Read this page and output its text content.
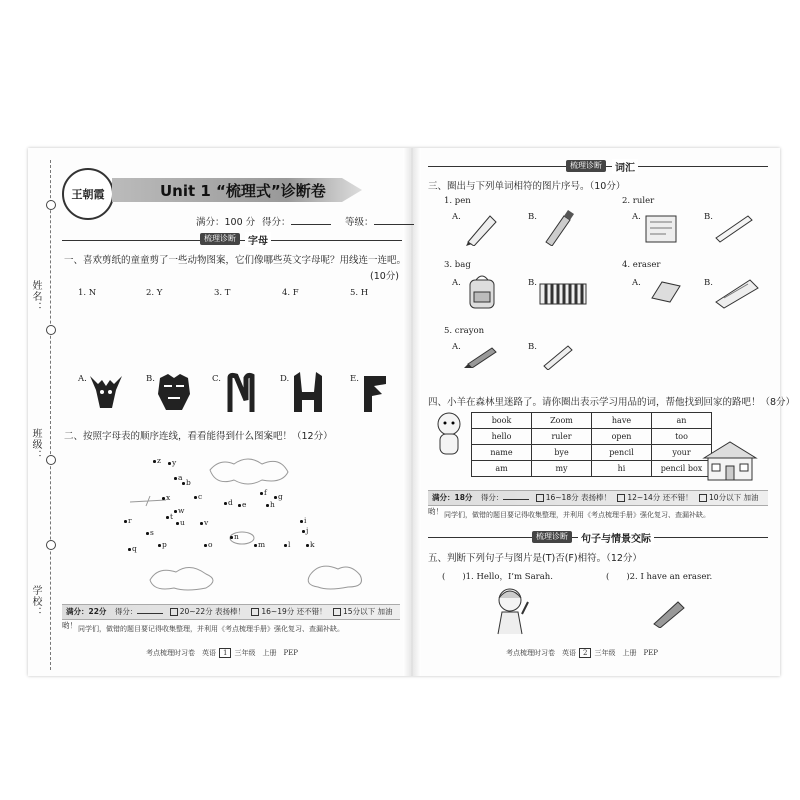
姓名：
班级：
学校：
王朝霞	Unit 1 “梳理式”诊断卷
满分：100 分 得分：	等级：
梳理诊断	字母
一、喜欢剪纸的童童剪了一些动物图案，它们像哪些英文字母呢？用线连一连吧。
(10分)
1. N	2. Y	3. T	4. F	5. H
A.	B.	C.	D.	E.
二、按照字母表的顺序连线，看看能得到什么图案吧！（12分）
满分：22分 得分：	20~22分 表扬棒！ 16~19分 还不错！ 15分以下 加油哟！ 同学们，做错的题目要记得收集整理，并利用《考点梳理手册》强化复习、查漏补缺。
考点梳理时习卷　英语 1 三年级　上册　PEP
梳理诊断	词汇
三、圈出与下列单词相符的图片序号。（10分）
1. pen
A.	B.
2. ruler
A.	B.
3. bag
A.	B.
4. eraser
A.	B.
5. crayon
A.	B.
四、小羊在森林里迷路了。请你圈出表示学习用品的词，帮他找到回家的路吧！（8分）
book	Zoom	have	an
hello	ruler	open	too
name	bye	pencil	your
am	my	hi	pencil box
满分：18分 得分：	16~18分 表扬棒！ 12~14分 还不错！ 10分以下 加油哟！ 同学们，做错的题目要记得收集整理，并利用《考点梳理手册》强化复习、查漏补缺。
梳理诊断	句子与情景交际
五、判断下列句子与图片是(T)否(F)相符。（12分）
(　　)1. Hello，I’m Sarah.	(　　)2. I have an eraser.
考点梳理时习卷　英语 2 三年级　上册　PEP
z y
x
a
b
c
d e
f g
h
i
j
k
l
m
n
o
p
q
r
s
t
u	v
w
